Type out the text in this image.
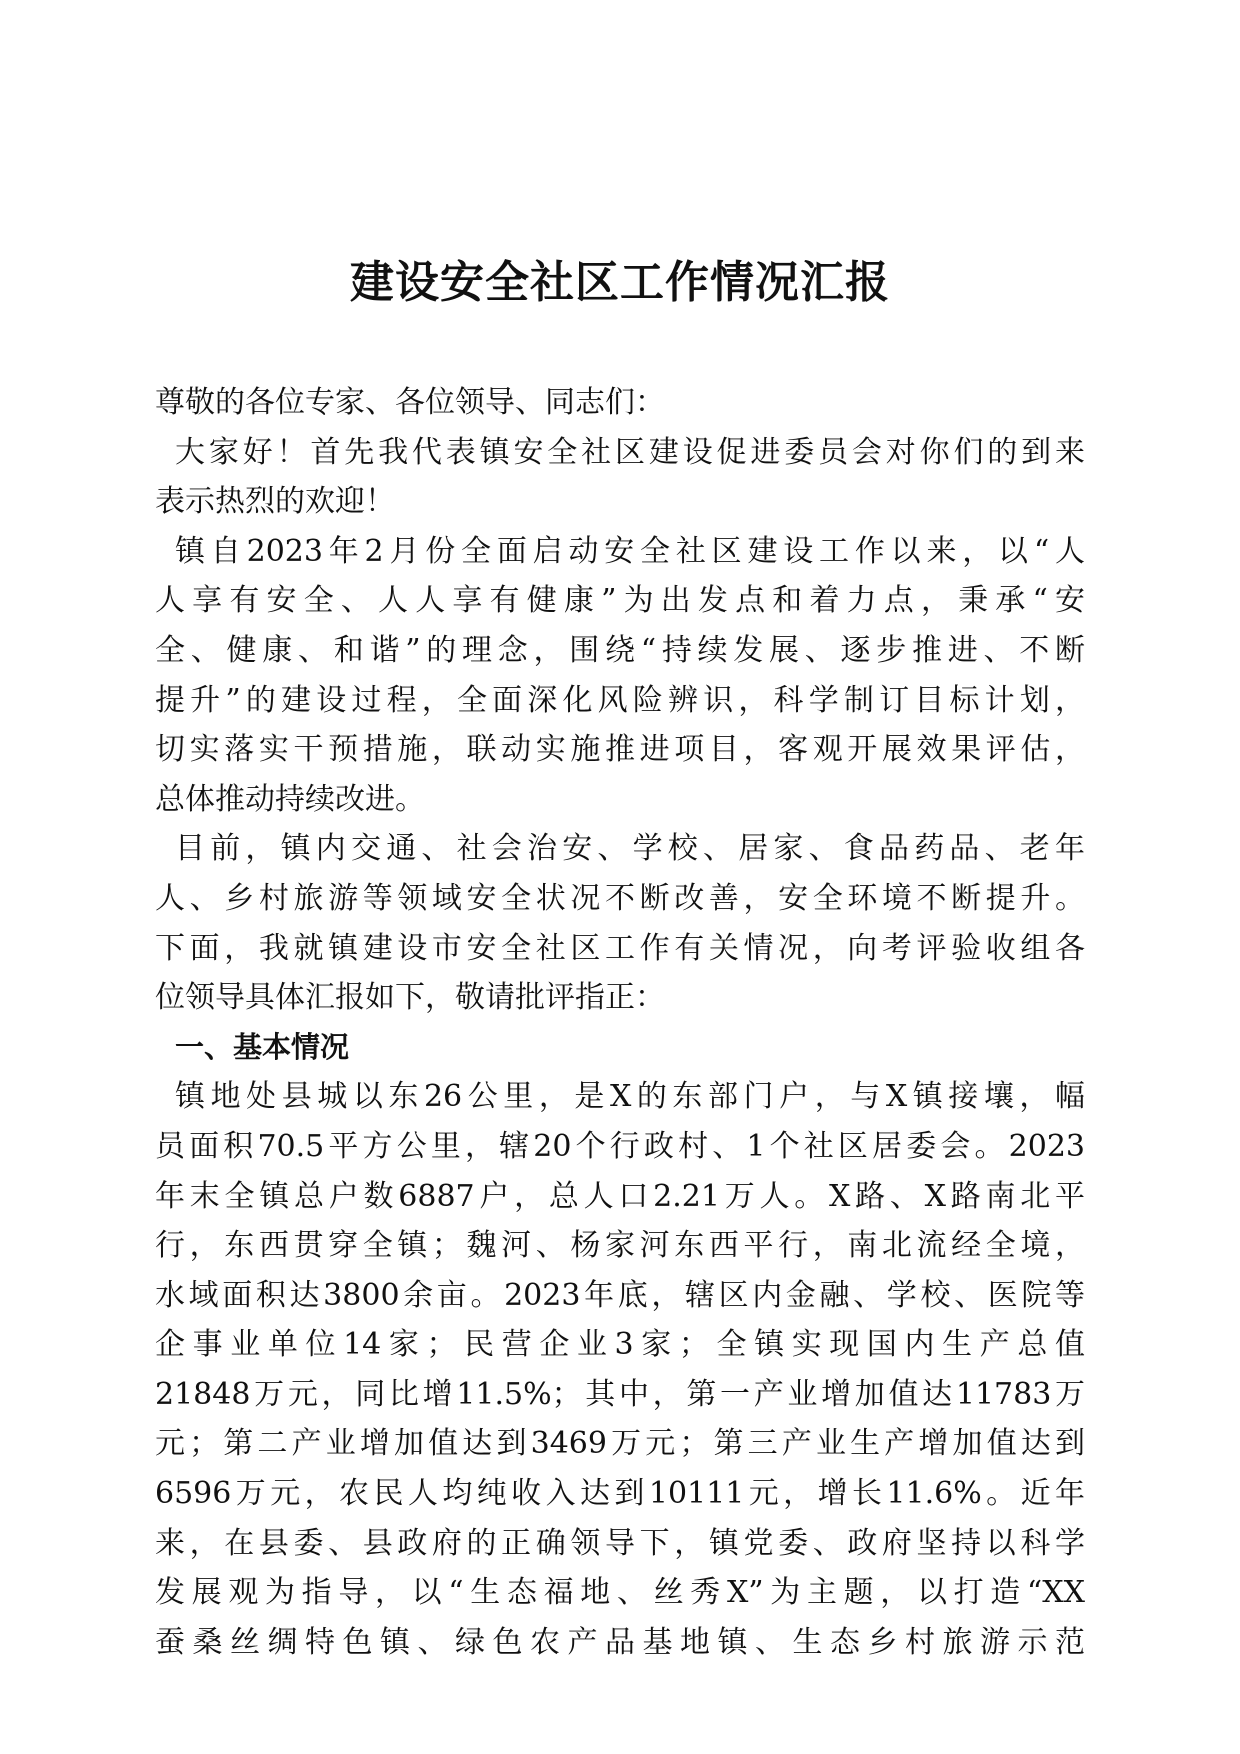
建设安全社区工作情况汇报
尊敬的各位专家、各位领导、同志们：
大家好！首先我代表镇安全社区建设促进委员会对你们的到来
表示热烈的欢迎！
镇自2023年2月份全面启动安全社区建设工作以来，以“人
人享有安全、人人享有健康”为出发点和着力点，秉承“安
全、健康、和谐”的理念，围绕“持续发展、逐步推进、不断
提升”的建设过程，全面深化风险辨识，科学制订目标计划，
切实落实干预措施，联动实施推进项目，客观开展效果评估，
总体推动持续改进。
目前，镇内交通、社会治安、学校、居家、食品药品、老年
人、乡村旅游等领域安全状况不断改善，安全环境不断提升。
下面，我就镇建设市安全社区工作有关情况，向考评验收组各
位领导具体汇报如下，敬请批评指正：
一、基本情况
镇地处县城以东26公里，是X的东部门户，与X镇接壤，幅
员面积70.5平方公里，辖20个行政村、1个社区居委会。2023
年末全镇总户数6887户，总人口2.21万人。X路、X路南北平
行，东西贯穿全镇；魏河、杨家河东西平行，南北流经全境，
水域面积达3800余亩。2023年底，辖区内金融、学校、医院等
企事业单位14家；民营企业3家；全镇实现国内生产总值
21848万元，同比增11.5%；其中，第一产业增加值达11783万
元；第二产业增加值达到3469万元；第三产业生产增加值达到
6596万元，农民人均纯收入达到10111元，增长11.6%。近年
来，在县委、县政府的正确领导下，镇党委、政府坚持以科学
发展观为指导，以“生态福地、丝秀X”为主题，以打造“XX
蚕桑丝绸特色镇、绿色农产品基地镇、生态乡村旅游示范
